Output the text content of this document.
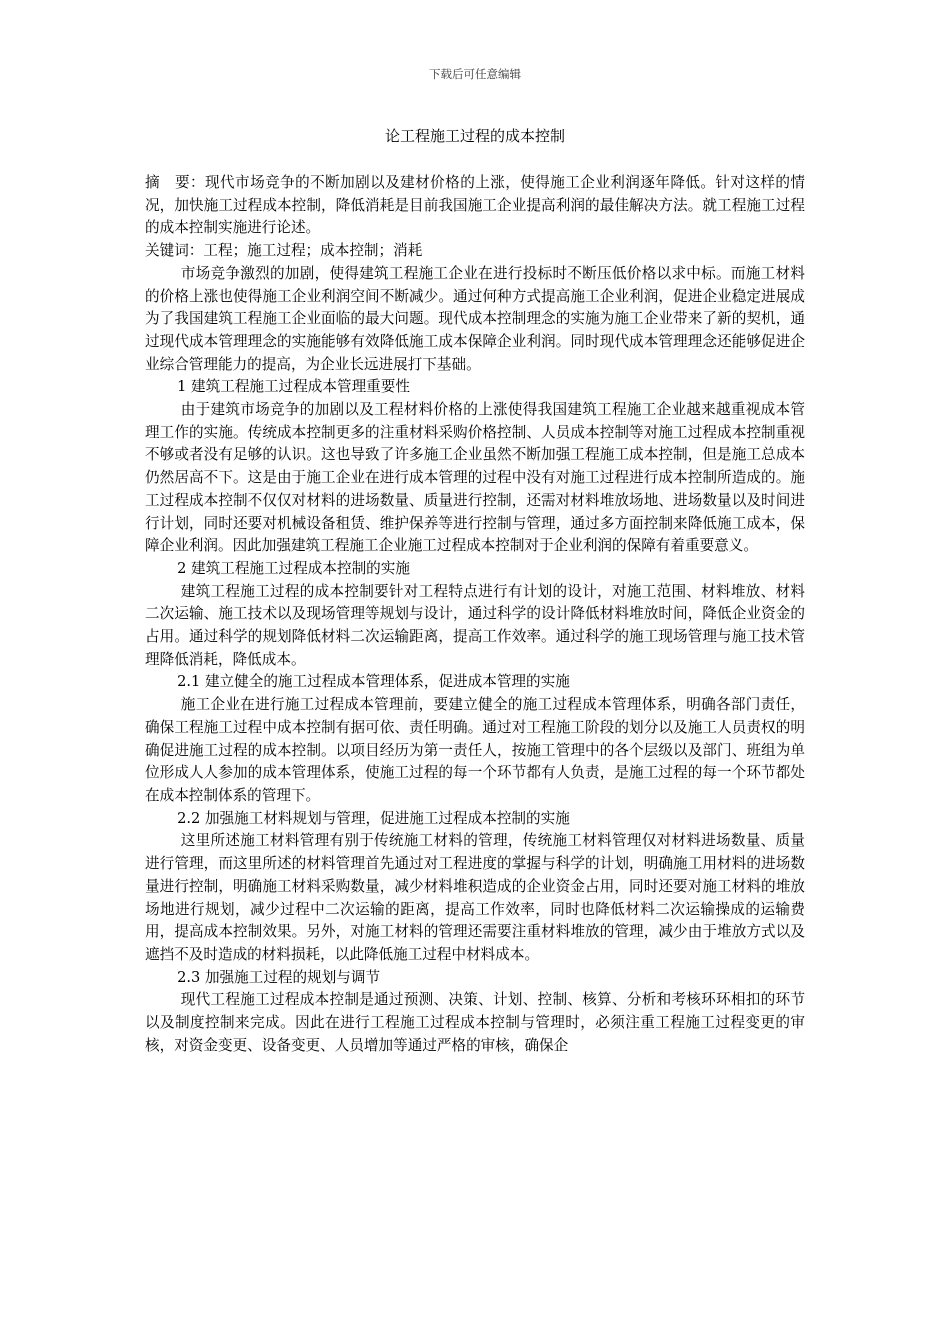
下载后可任意编辑
论工程施工过程的成本控制

摘　要：现代市场竞争的不断加剧以及建材价格的上涨，使得施工企业利润逐年降低。针对这样的情况，加快施工过程成本控制，降低消耗是目前我国施工企业提高利润的最佳解决方法。就工程施工过程的成本控制实施进行论述。

关键词：工程；施工过程；成本控制；消耗

市场竞争激烈的加剧，使得建筑工程施工企业在进行投标时不断压低价格以求中标。而施工材料的价格上涨也使得施工企业利润空间不断减少。通过何种方式提高施工企业利润，促进企业稳定进展成为了我国建筑工程施工企业面临的最大问题。现代成本控制理念的实施为施工企业带来了新的契机，通过现代成本管理理念的实施能够有效降低施工成本保障企业利润。同时现代成本管理理念还能够促进企业综合管理能力的提高，为企业长远进展打下基础。

1 建筑工程施工过程成本管理重要性

由于建筑市场竞争的加剧以及工程材料价格的上涨使得我国建筑工程施工企业越来越重视成本管理工作的实施。传统成本控制更多的注重材料采购价格控制、人员成本控制等对施工过程成本控制重视不够或者没有足够的认识。这也导致了许多施工企业虽然不断加强工程施工成本控制，但是施工总成本仍然居高不下。这是由于施工企业在进行成本管理的过程中没有对施工过程进行成本控制所造成的。施工过程成本控制不仅仅对材料的进场数量、质量进行控制，还需对材料堆放场地、进场数量以及时间进行计划，同时还要对机械设备租赁、维护保养等进行控制与管理，通过多方面控制来降低施工成本，保障企业利润。因此加强建筑工程施工企业施工过程成本控制对于企业利润的保障有着重要意义。

2 建筑工程施工过程成本控制的实施

建筑工程施工过程的成本控制要针对工程特点进行有计划的设计，对施工范围、材料堆放、材料二次运输、施工技术以及现场管理等规划与设计，通过科学的设计降低材料堆放时间，降低企业资金的占用。通过科学的规划降低材料二次运输距离，提高工作效率。通过科学的施工现场管理与施工技术管理降低消耗，降低成本。

2.1 建立健全的施工过程成本管理体系，促进成本管理的实施

施工企业在进行施工过程成本管理前，要建立健全的施工过程成本管理体系，明确各部门责任，确保工程施工过程中成本控制有据可依、责任明确。通过对工程施工阶段的划分以及施工人员责权的明确促进施工过程的成本控制。以项目经历为第一责任人，按施工管理中的各个层级以及部门、班组为单位形成人人参加的成本管理体系，使施工过程的每一个环节都有人负责，是施工过程的每一个环节都处在成本控制体系的管理下。

2.2 加强施工材料规划与管理，促进施工过程成本控制的实施

这里所述施工材料管理有别于传统施工材料的管理，传统施工材料管理仅对材料进场数量、质量进行管理，而这里所述的材料管理首先通过对工程进度的掌握与科学的计划，明确施工用材料的进场数量进行控制，明确施工材料采购数量，减少材料堆积造成的企业资金占用，同时还要对施工材料的堆放场地进行规划，减少过程中二次运输的距离，提高工作效率，同时也降低材料二次运输操成的运输费用，提高成本控制效果。另外，对施工材料的管理还需要注重材料堆放的管理，减少由于堆放方式以及遮挡不及时造成的材料损耗，以此降低施工过程中材料成本。

2.3 加强施工过程的规划与调节

现代工程施工过程成本控制是通过预测、决策、计划、控制、核算、分析和考核环环相扣的环节以及制度控制来完成。因此在进行工程施工过程成本控制与管理时，必须注重工程施工过程变更的审核，对资金变更、设备变更、人员增加等通过严格的审核，确保企
